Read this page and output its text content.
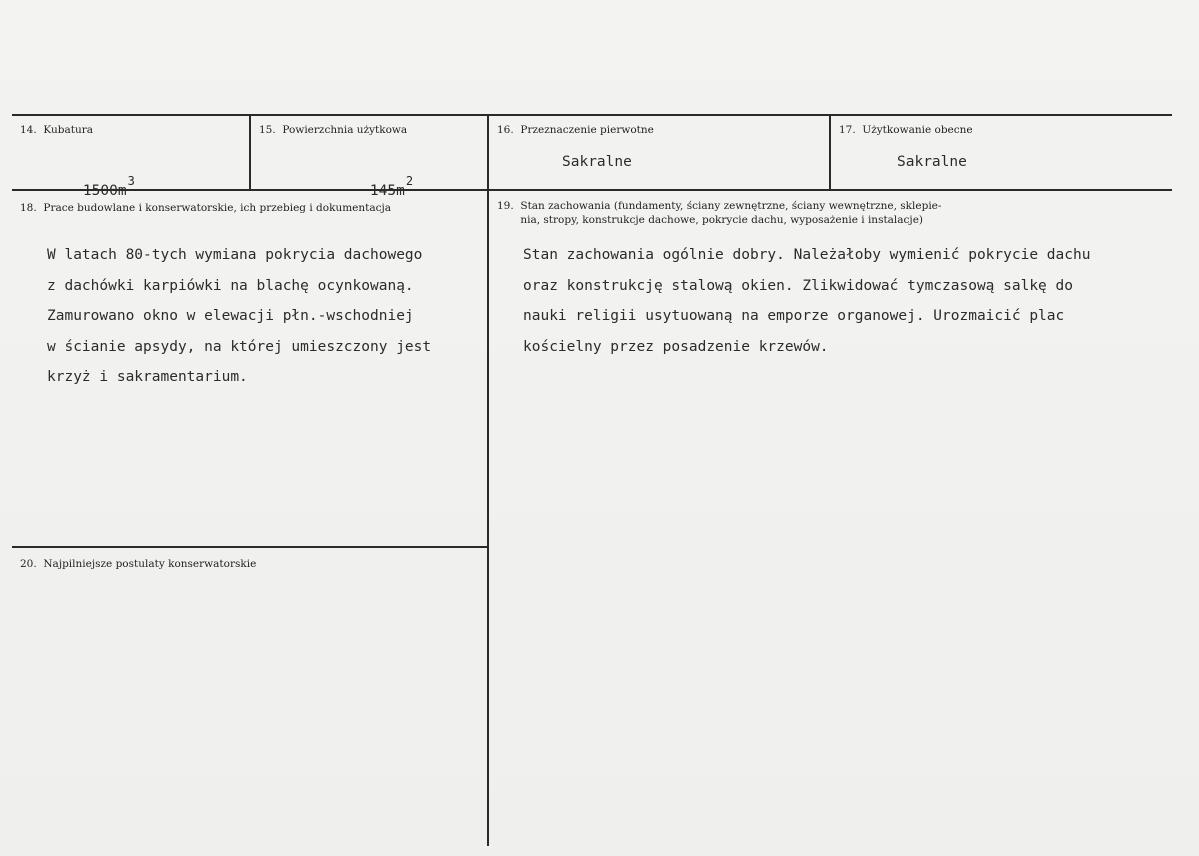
14.  Kubatura

$1500m^3$

15.  Powierzchnia użytkowa

$145m^2$

16.  Przeznaczenie pierwotne
Sakralne
17.  Użytkowanie obecne
Sakralne
18.  Prace budowlane i konserwatorskie, ich przebieg i dokumentacja
W latach 80-tych wymiana pokrycia dachowego
z dachówki karpiówki na blachę ocynkowaną.
Zamurowano okno w elewacji płn.-wschodniej
w ścianie apsydy, na której umieszczony jest
krzyż i sakramentarium.
19.  Stan zachowania (fundamenty, ściany zewnętrzne, ściany wewnętrzne, sklepie-
nia, stropy, konstrukcje dachowe, pokrycie dachu, wyposażenie i instalacje)
Stan zachowania ogólnie dobry. Należałoby wymienić pokrycie dachu
oraz konstrukcję stalową okien. Zlikwidować tymczasową salkę do
nauki religii usytuowaną na emporze organowej. Urozmaicić plac
kościelny przez posadzenie krzewów.
20.  Najpilniejsze postulaty konserwatorskie
